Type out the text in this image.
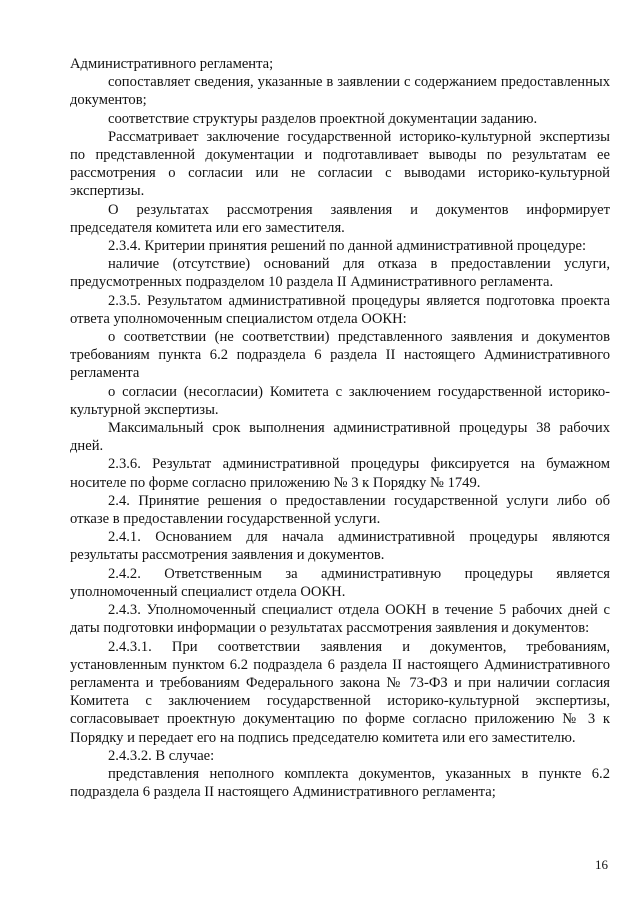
Административного регламента;

сопоставляет сведения, указанные в заявлении с содержанием предоставленных документов;

соответствие структуры разделов проектной документации заданию.

Рассматривает заключение государственной историко-культурной экспертизы по представленной документации и подготавливает выводы по результатам ее рассмотрения о согласии или не согласии с выводами историко-культурной экспертизы.

О результатах рассмотрения заявления и документов информирует председателя комитета или его заместителя.

2.3.4. Критерии принятия решений по данной административной процедуре:

наличие (отсутствие) оснований для отказа в предоставлении услуги, предусмотренных подразделом 10 раздела II Административного регламента.

2.3.5. Результатом административной процедуры является подготовка проекта ответа уполномоченным специалистом отдела ООКН:

о соответствии (не соответствии) представленного заявления и документов требованиям пункта 6.2 подраздела 6 раздела II настоящего Административного регламента

о согласии (несогласии) Комитета с заключением государственной историко-культурной экспертизы.

Максимальный срок выполнения административной процедуры 38 рабочих дней.

2.3.6. Результат административной процедуры фиксируется на бумажном носителе по форме согласно приложению № 3 к Порядку № 1749.

2.4. Принятие решения о предоставлении государственной услуги либо об отказе в предоставлении государственной услуги.

2.4.1. Основанием для начала административной процедуры являются результаты рассмотрения заявления и документов.

2.4.2. Ответственным за административную процедуры является уполномоченный специалист отдела ООКН.

2.4.3. Уполномоченный специалист отдела ООКН в течение 5 рабочих дней с даты подготовки информации о результатах рассмотрения заявления и документов:

2.4.3.1. При соответствии заявления и документов, требованиям, установленным пунктом 6.2 подраздела 6 раздела II настоящего Административного регламента и требованиям Федерального закона № 73-ФЗ и при наличии согласия Комитета с заключением государственной историко-культурной экспертизы, согласовывает проектную документацию по форме согласно приложению № 3 к Порядку и передает его на подпись председателю комитета или его заместителю.

2.4.3.2. В случае:

представления неполного комплекта документов, указанных в пункте 6.2 подраздела 6 раздела II настоящего Административного регламента;

16
